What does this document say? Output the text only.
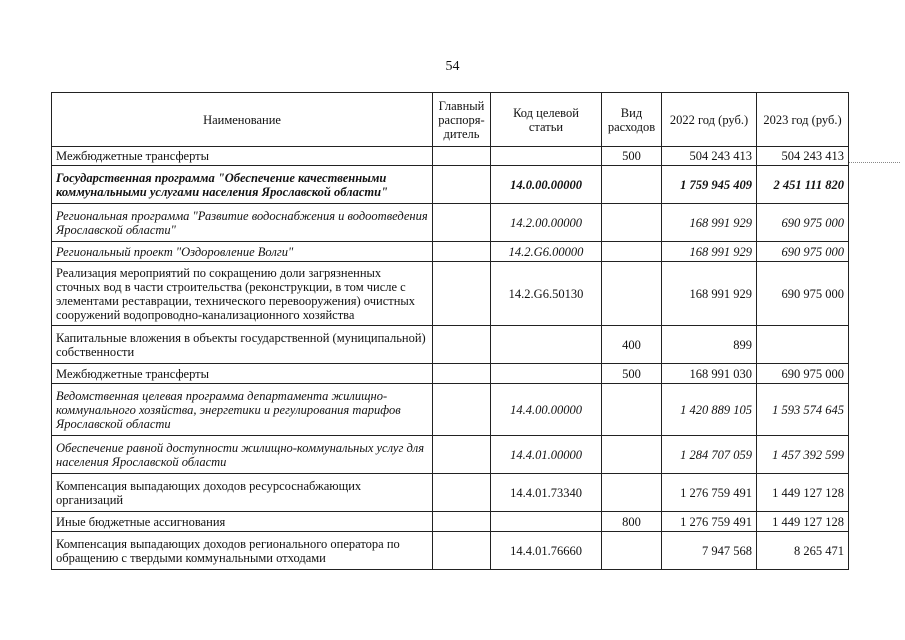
54
Наименование	Главный распоря-дитель	Код целевой статьи	Вид расходов	2022 год (руб.)	2023 год (руб.)
Межбюджетные трансферты			500	504 243 413	504 243 413
Государственная программа "Обеспечение качественными коммунальными услугами населения Ярославской области"		14.0.00.00000		1 759 945 409	2 451 111 820
Региональная программа "Развитие водоснабжения и водоотведения Ярославской области"		14.2.00.00000		168 991 929	690 975 000
Региональный проект "Оздоровление Волги"		14.2.G6.00000		168 991 929	690 975 000
Реализация мероприятий по сокращению доли загрязненных сточных вод в части строительства (реконструкции, в том числе с элементами реставрации, технического перевооружения) очистных сооружений водопроводно-канализационного хозяйства		14.2.G6.50130		168 991 929	690 975 000
Капитальные вложения в объекты государственной (муниципальной) собственности			400	899	
Межбюджетные трансферты			500	168 991 030	690 975 000
Ведомственная целевая программа департамента жилищно-коммунального хозяйства, энергетики и регулирования тарифов Ярославской области		14.4.00.00000		1 420 889 105	1 593 574 645
Обеспечение равной доступности жилищно-коммунальных услуг для населения Ярославской области		14.4.01.00000		1 284 707 059	1 457 392 599
Компенсация выпадающих доходов ресурсоснабжающих организаций		14.4.01.73340		1 276 759 491	1 449 127 128
Иные бюджетные ассигнования			800	1 276 759 491	1 449 127 128
Компенсация выпадающих доходов регионального оператора по обращению с твердыми коммунальными отходами		14.4.01.76660		7 947 568	8 265 471
